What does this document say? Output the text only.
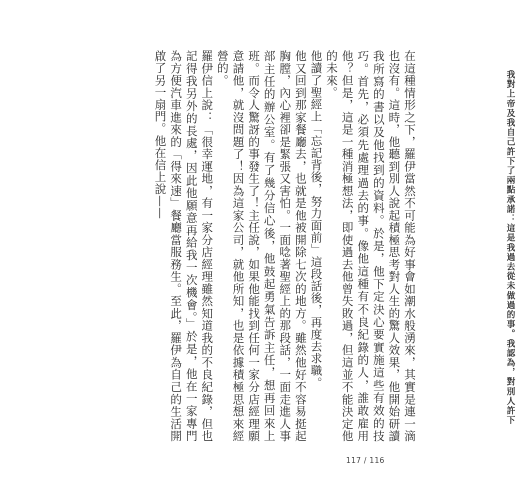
在這種情形之下，羅伊當然不可能為好事會如潮水般湧來，其實是連一滴也沒有。這時，他聽到別人說起積極思考對人生的驚人效果，他開始研讀我所寫的書以及他找到的資料。於是，他下定決心要實施這些有效的技巧。首先，必須先處理過去的事。像他這種有不良紀錄的人，誰敢雇用他？但是，這是一種消極想法，即使過去他曾失敗過，但這並不能決定他的未來。

他讀了聖經上「忘記背後，努力面前」這段話後，再度去求職。

他又回到那家餐廳去，也就是他被開除七次的地方。雖然他好不容易挺起胸膛，內心裡卻是緊張又害怕。一面唸著聖經上的那段話，一面走進人事部主任的辦公室。有了幾分信心後，他鼓起勇氣告訴主任，想再回來上班。而令人驚訝的事發生了！主任說，如果他能找到任何一家分店經理願意請他，就沒問題了！因為這家公司，就他所知，也是依據積極思想來經營的。

羅伊信上說：「很幸運地，有一家分店經理雖然知道我的不良紀錄，但也記得我另外的長處，因此他願意再給我一次機會。」於是，他在一家專門為方便汽車進來的「得來速」餐廳當服務生。至此，羅伊為自己的生活開啟了另一扇門。他在信上說——	我對上帝及我自己許下了兩點承諾：這是我過去從未做過的事。我認為，對別人許下
117 / 116
